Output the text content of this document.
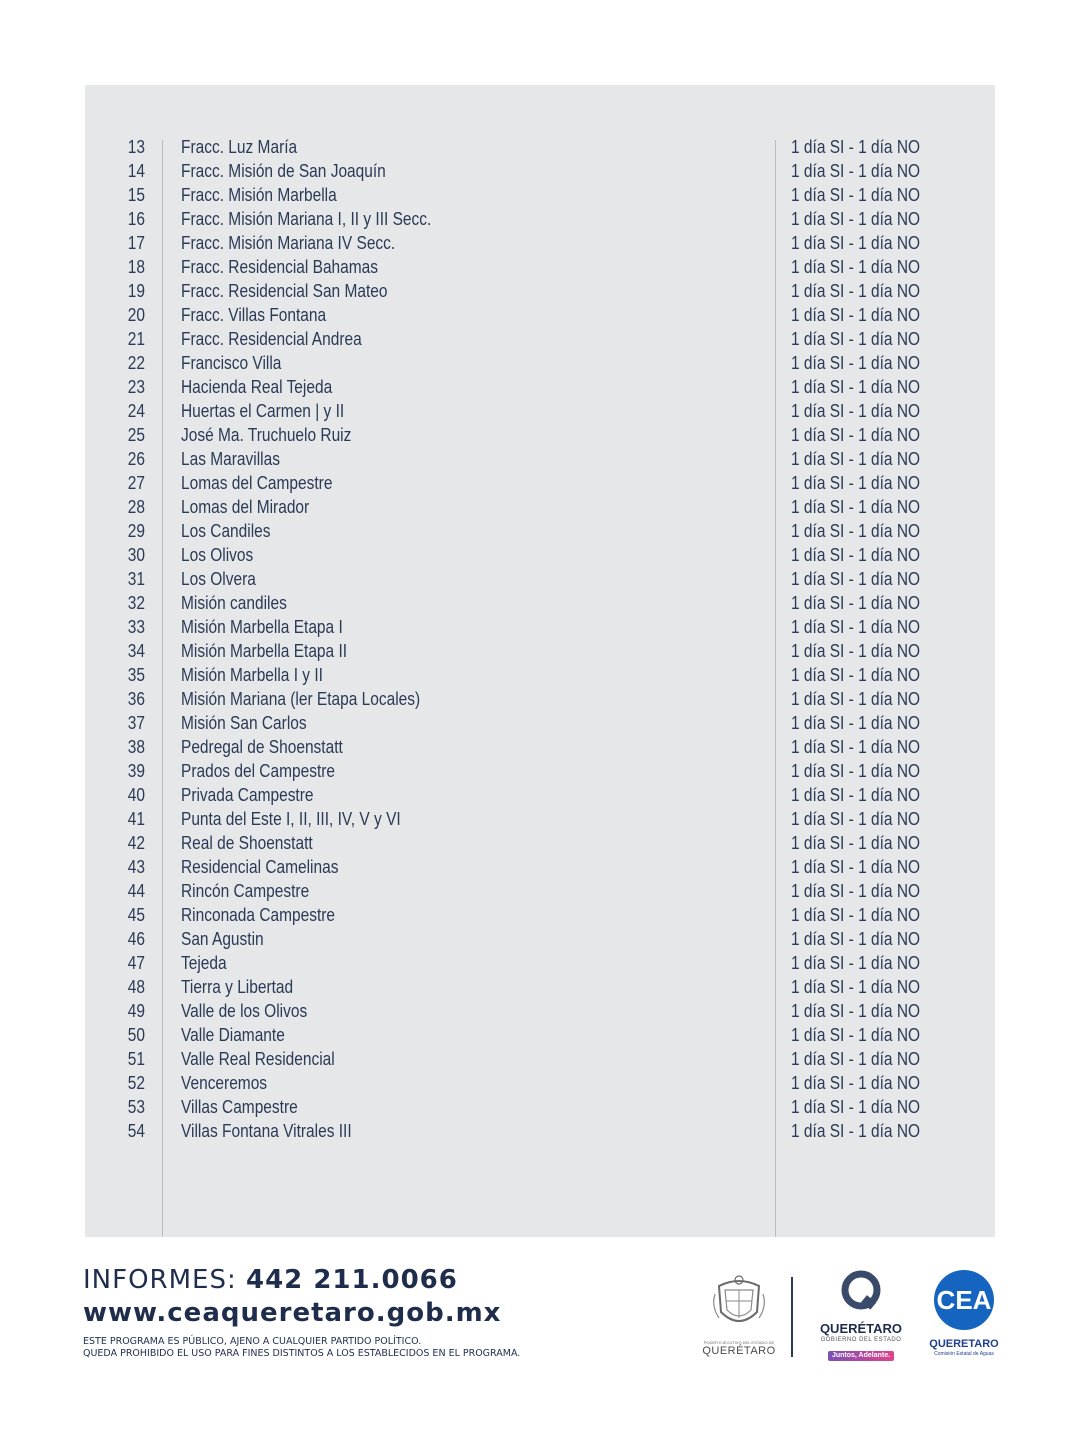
13 Fracc. Luz María	1 día SI - 1 día NO
14 Fracc. Misión de San Joaquín	1 día SI - 1 día NO
15 Fracc. Misión Marbella	1 día SI - 1 día NO
16 Fracc. Misión Mariana I, II y III Secc.	1 día SI - 1 día NO
17 Fracc. Misión Mariana IV Secc.	1 día SI - 1 día NO
18 Fracc. Residencial Bahamas	1 día SI - 1 día NO
19 Fracc. Residencial San Mateo	1 día SI - 1 día NO
20 Fracc. Villas Fontana	1 día SI - 1 día NO
21 Fracc. Residencial Andrea	1 día SI - 1 día NO
22 Francisco Villa	1 día SI - 1 día NO
23 Hacienda Real Tejeda	1 día SI - 1 día NO
24 Huertas el Carmen | y II	1 día SI - 1 día NO
25 José Ma. Truchuelo Ruiz	1 día SI - 1 día NO
26 Las Maravillas	1 día SI - 1 día NO
27 Lomas del Campestre	1 día SI - 1 día NO
28 Lomas del Mirador	1 día SI - 1 día NO
29 Los Candiles	1 día SI - 1 día NO
30 Los Olivos	1 día SI - 1 día NO
31 Los Olvera	1 día SI - 1 día NO
32 Misión candiles	1 día SI - 1 día NO
33 Misión Marbella Etapa I	1 día SI - 1 día NO
34 Misión Marbella Etapa II	1 día SI - 1 día NO
35 Misión Marbella I y II	1 día SI - 1 día NO
36 Misión Mariana (ler Etapa Locales)	1 día SI - 1 día NO
37 Misión San Carlos	1 día SI - 1 día NO
38 Pedregal de Shoenstatt	1 día SI - 1 día NO
39 Prados del Campestre	1 día SI - 1 día NO
40 Privada Campestre	1 día SI - 1 día NO
41 Punta del Este I, II, III, IV, V y VI	1 día SI - 1 día NO
42 Real de Shoenstatt	1 día SI - 1 día NO
43 Residencial Camelinas	1 día SI - 1 día NO
44 Rincón Campestre	1 día SI - 1 día NO
45 Rinconada Campestre	1 día SI - 1 día NO
46 San Agustin	1 día SI - 1 día NO
47 Tejeda	1 día SI - 1 día NO
48 Tierra y Libertad	1 día SI - 1 día NO
49 Valle de los Olivos	1 día SI - 1 día NO
50 Valle Diamante	1 día SI - 1 día NO
51 Valle Real Residencial	1 día SI - 1 día NO
52 Venceremos	1 día SI - 1 día NO
53 Villas Campestre	1 día SI - 1 día NO
54 Villas Fontana Vitrales III	1 día SI - 1 día NO
INFORMES: 442 211.0066
www.ceaqueretaro.gob.mx
ESTE PROGRAMA ES PÚBLICO, AJENO A CUALQUIER PARTIDO POLÍTICO.
QUEDA PROHIBIDO EL USO PARA FINES DISTINTOS A LOS ESTABLECIDOS EN EL PROGRAMA.
PODER EJECUTIVO DEL ESTADO DE
QUERÉTARO
QUERÉTARO
GOBIERNO DEL ESTADO
Juntos, Adelante.
CEA
QUERETARO
Comisión Estatal de Aguas
